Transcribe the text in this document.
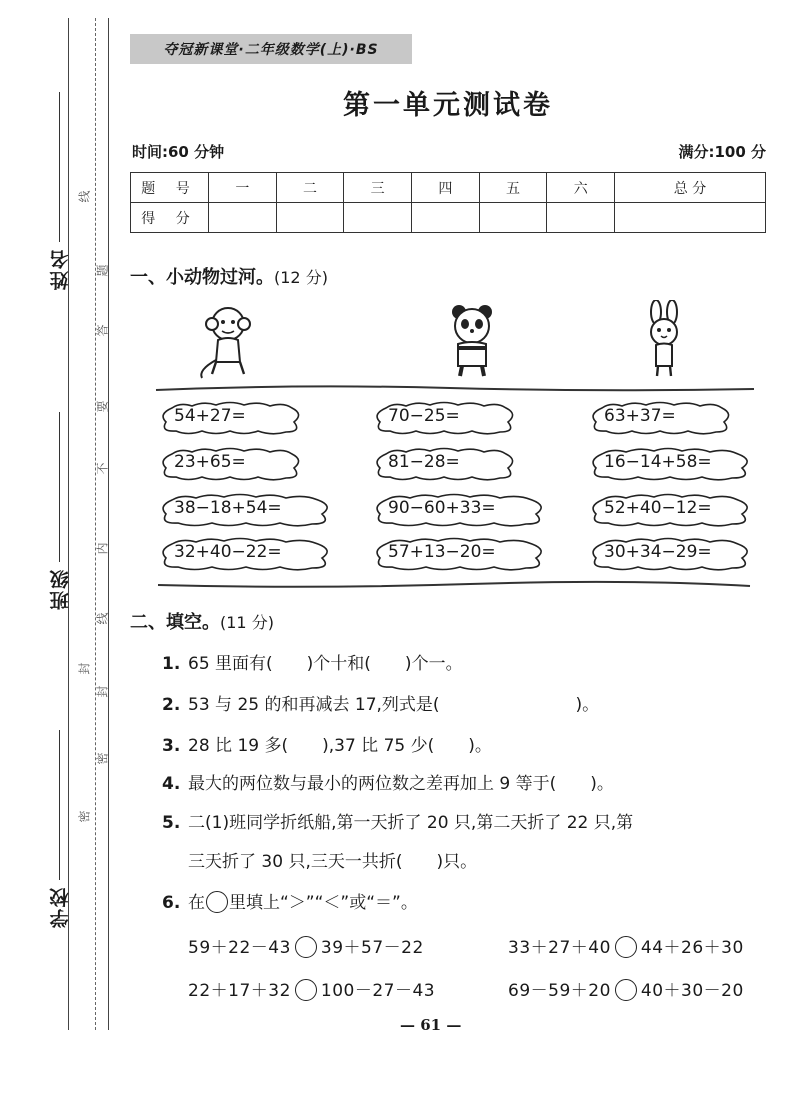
姓名
班级
学校
线
题
答
要
不
内
线
封
封
密
密
夺冠新课堂·二年级数学(上)·BS
第一单元测试卷
时间:60 分钟	满分:100 分
题 号	一	二	三	四	五	六	总 分
得 分							
一、小动物过河。(12 分)
54+27=
23+65=
38−18+54=
32+40−22=
70−25=
81−28=
90−60+33=
57+13−20=
63+37=
16−14+58=
52+40−12=
30+34−29=
二、填空。(11 分)
1. 65 里面有(　　)个十和(　　)个一。
2. 53 与 25 的和再减去 17,列式是(　　　　　　　　)。
3. 28 比 19 多(　　),37 比 75 少(　　)。
4. 最大的两位数与最小的两位数之差再加上 9 等于(　　)。
5. 二(1)班同学折纸船,第一天折了 20 只,第二天折了 22 只,第
三天折了 30 只,三天一共折(　　)只。
6. 在 里填上“＞”“＜”或“＝”。
59＋22－43 39＋57－22	33＋27＋40 44＋26＋30
22＋17＋32 100－27－43	69－59＋20 40＋30－20
— 61 —
